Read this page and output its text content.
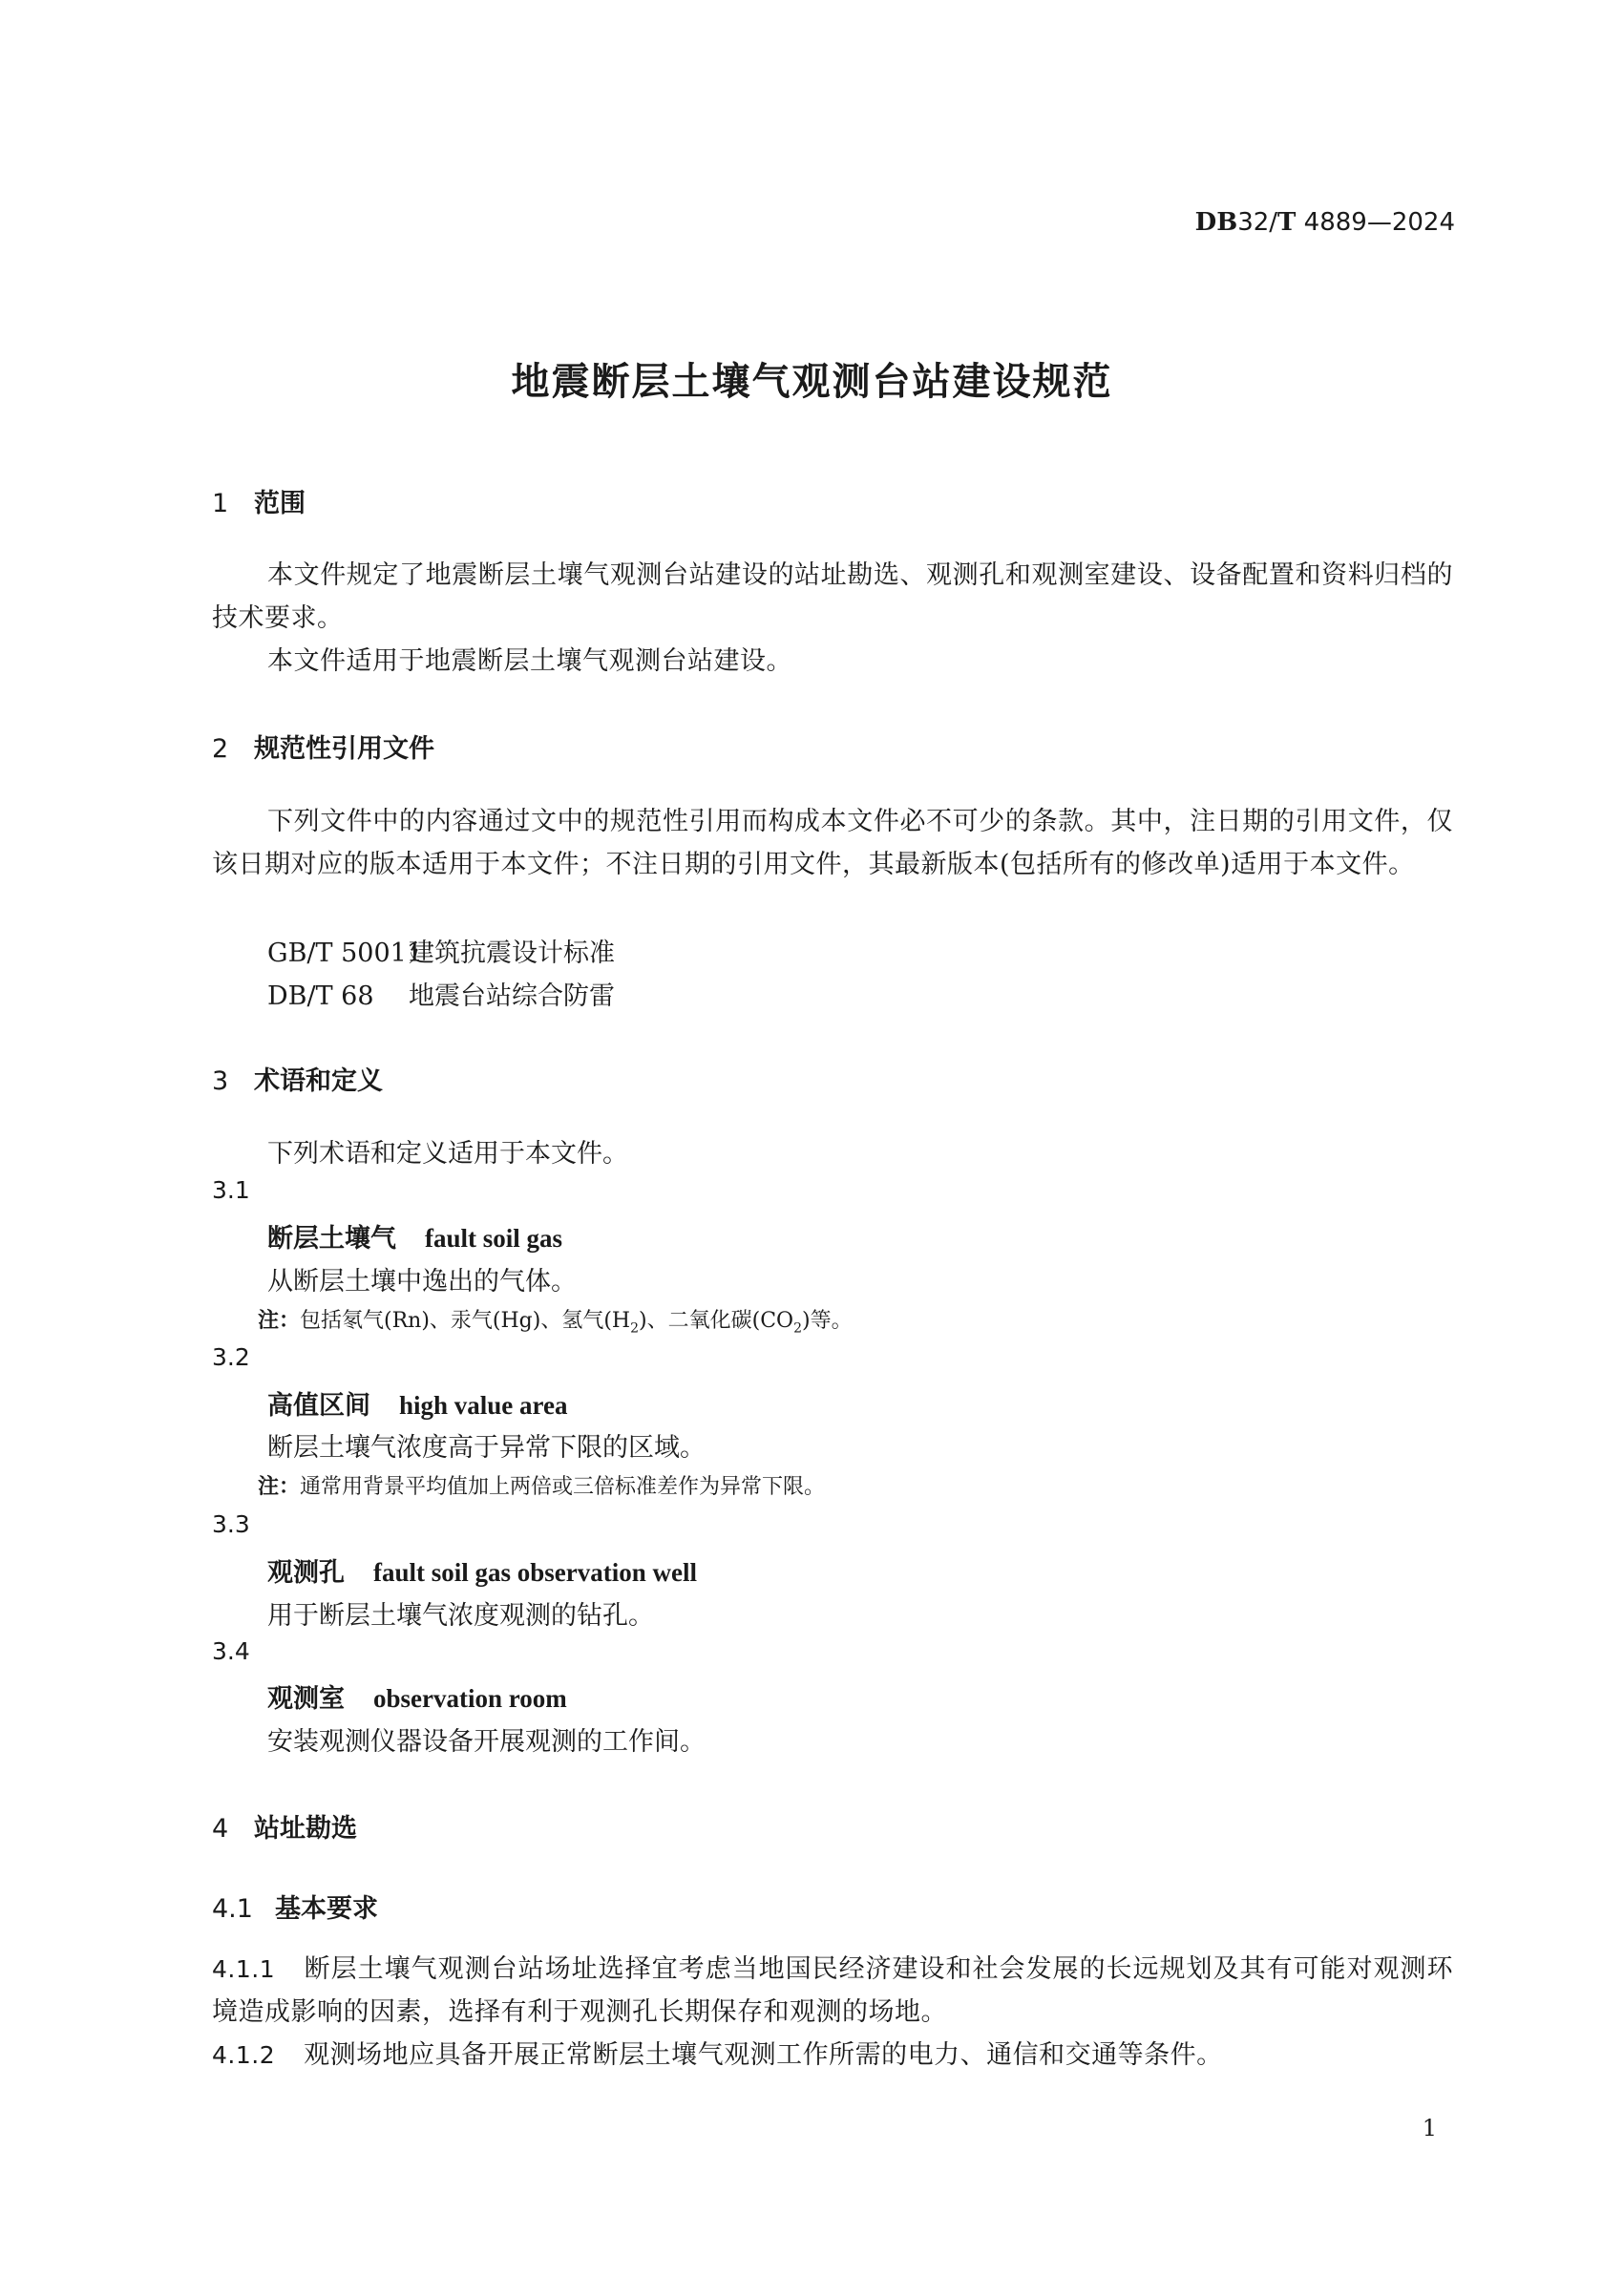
DB32/T 4889—2024
地震断层土壤气观测台站建设规范
1 范围
本文件规定了地震断层土壤气观测台站建设的站址勘选、观测孔和观测室建设、设备配置和资料归档的技术要求。
本文件适用于地震断层土壤气观测台站建设。
2 规范性引用文件
下列文件中的内容通过文中的规范性引用而构成本文件必不可少的条款。其中，注日期的引用文件，仅该日期对应的版本适用于本文件；不注日期的引用文件，其最新版本(包括所有的修改单)适用于本文件。
GB/T 50011建筑抗震设计标准
DB/T 68 地震台站综合防雷
3 术语和定义
下列术语和定义适用于本文件。
3.1
断层土壤气 fault soil gas
从断层土壤中逸出的气体。
注：包括氡气(Rn)、汞气(Hg)、氢气$(H_2)$、二氧化碳$(CO_2)$等。
3.2
高值区间 high value area
断层土壤气浓度高于异常下限的区域。
注：通常用背景平均值加上两倍或三倍标准差作为异常下限。
3.3
观测孔 fault soil gas observation well
用于断层土壤气浓度观测的钻孔。
3.4
观测室 observation room
安装观测仪器设备开展观测的工作间。
4 站址勘选
4.1 基本要求
4.1.1 断层土壤气观测台站场址选择宜考虑当地国民经济建设和社会发展的长远规划及其有可能对观测环境造成影响的因素，选择有利于观测孔长期保存和观测的场地。
4.1.2 观测场地应具备开展正常断层土壤气观测工作所需的电力、通信和交通等条件。
1
